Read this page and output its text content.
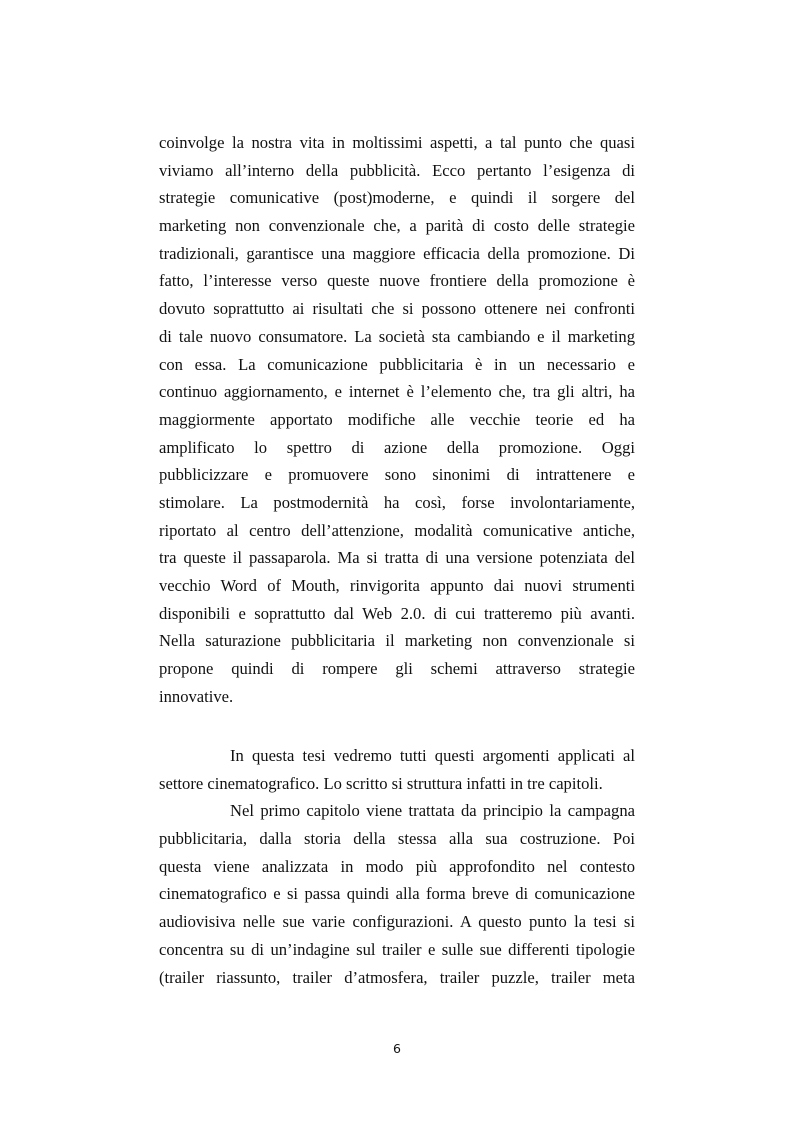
coinvolge la nostra vita in moltissimi aspetti, a tal punto che quasi
viviamo all’interno della pubblicità. Ecco pertanto l’esigenza di
strategie comunicative (post)moderne, e quindi il sorgere del
marketing non convenzionale che, a parità di costo delle strategie
tradizionali, garantisce una maggiore efficacia della promozione. Di
fatto, l’interesse verso queste nuove frontiere della promozione è
dovuto soprattutto ai risultati che si possono ottenere nei confronti
di tale nuovo consumatore. La società sta cambiando e il marketing
con essa. La comunicazione pubblicitaria è in un necessario e
continuo aggiornamento, e internet è l’elemento che, tra gli altri, ha
maggiormente apportato modifiche alle vecchie teorie ed ha
amplificato lo spettro di azione della promozione. Oggi
pubblicizzare e promuovere sono sinonimi di intrattenere e
stimolare. La postmodernità ha così, forse involontariamente,
riportato al centro dell’attenzione, modalità comunicative antiche,
tra queste il passaparola. Ma si tratta di una versione potenziata del
vecchio Word of Mouth, rinvigorita appunto dai nuovi strumenti
disponibili e soprattutto dal Web 2.0. di cui tratteremo più avanti.
Nella saturazione pubblicitaria il marketing non convenzionale si
propone quindi di rompere gli schemi attraverso strategie
innovative.
In questa tesi vedremo tutti questi argomenti applicati al
settore cinematografico. Lo scritto si struttura infatti in tre capitoli.
Nel primo capitolo viene trattata da principio la campagna
pubblicitaria, dalla storia della stessa alla sua costruzione. Poi
questa viene analizzata in modo più approfondito nel contesto
cinematografico e si passa quindi alla forma breve di comunicazione
audiovisiva nelle sue varie configurazioni. A questo punto la tesi si
concentra su di un’indagine sul trailer e sulle sue differenti tipologie
(trailer riassunto, trailer d’atmosfera, trailer puzzle, trailer meta
6
